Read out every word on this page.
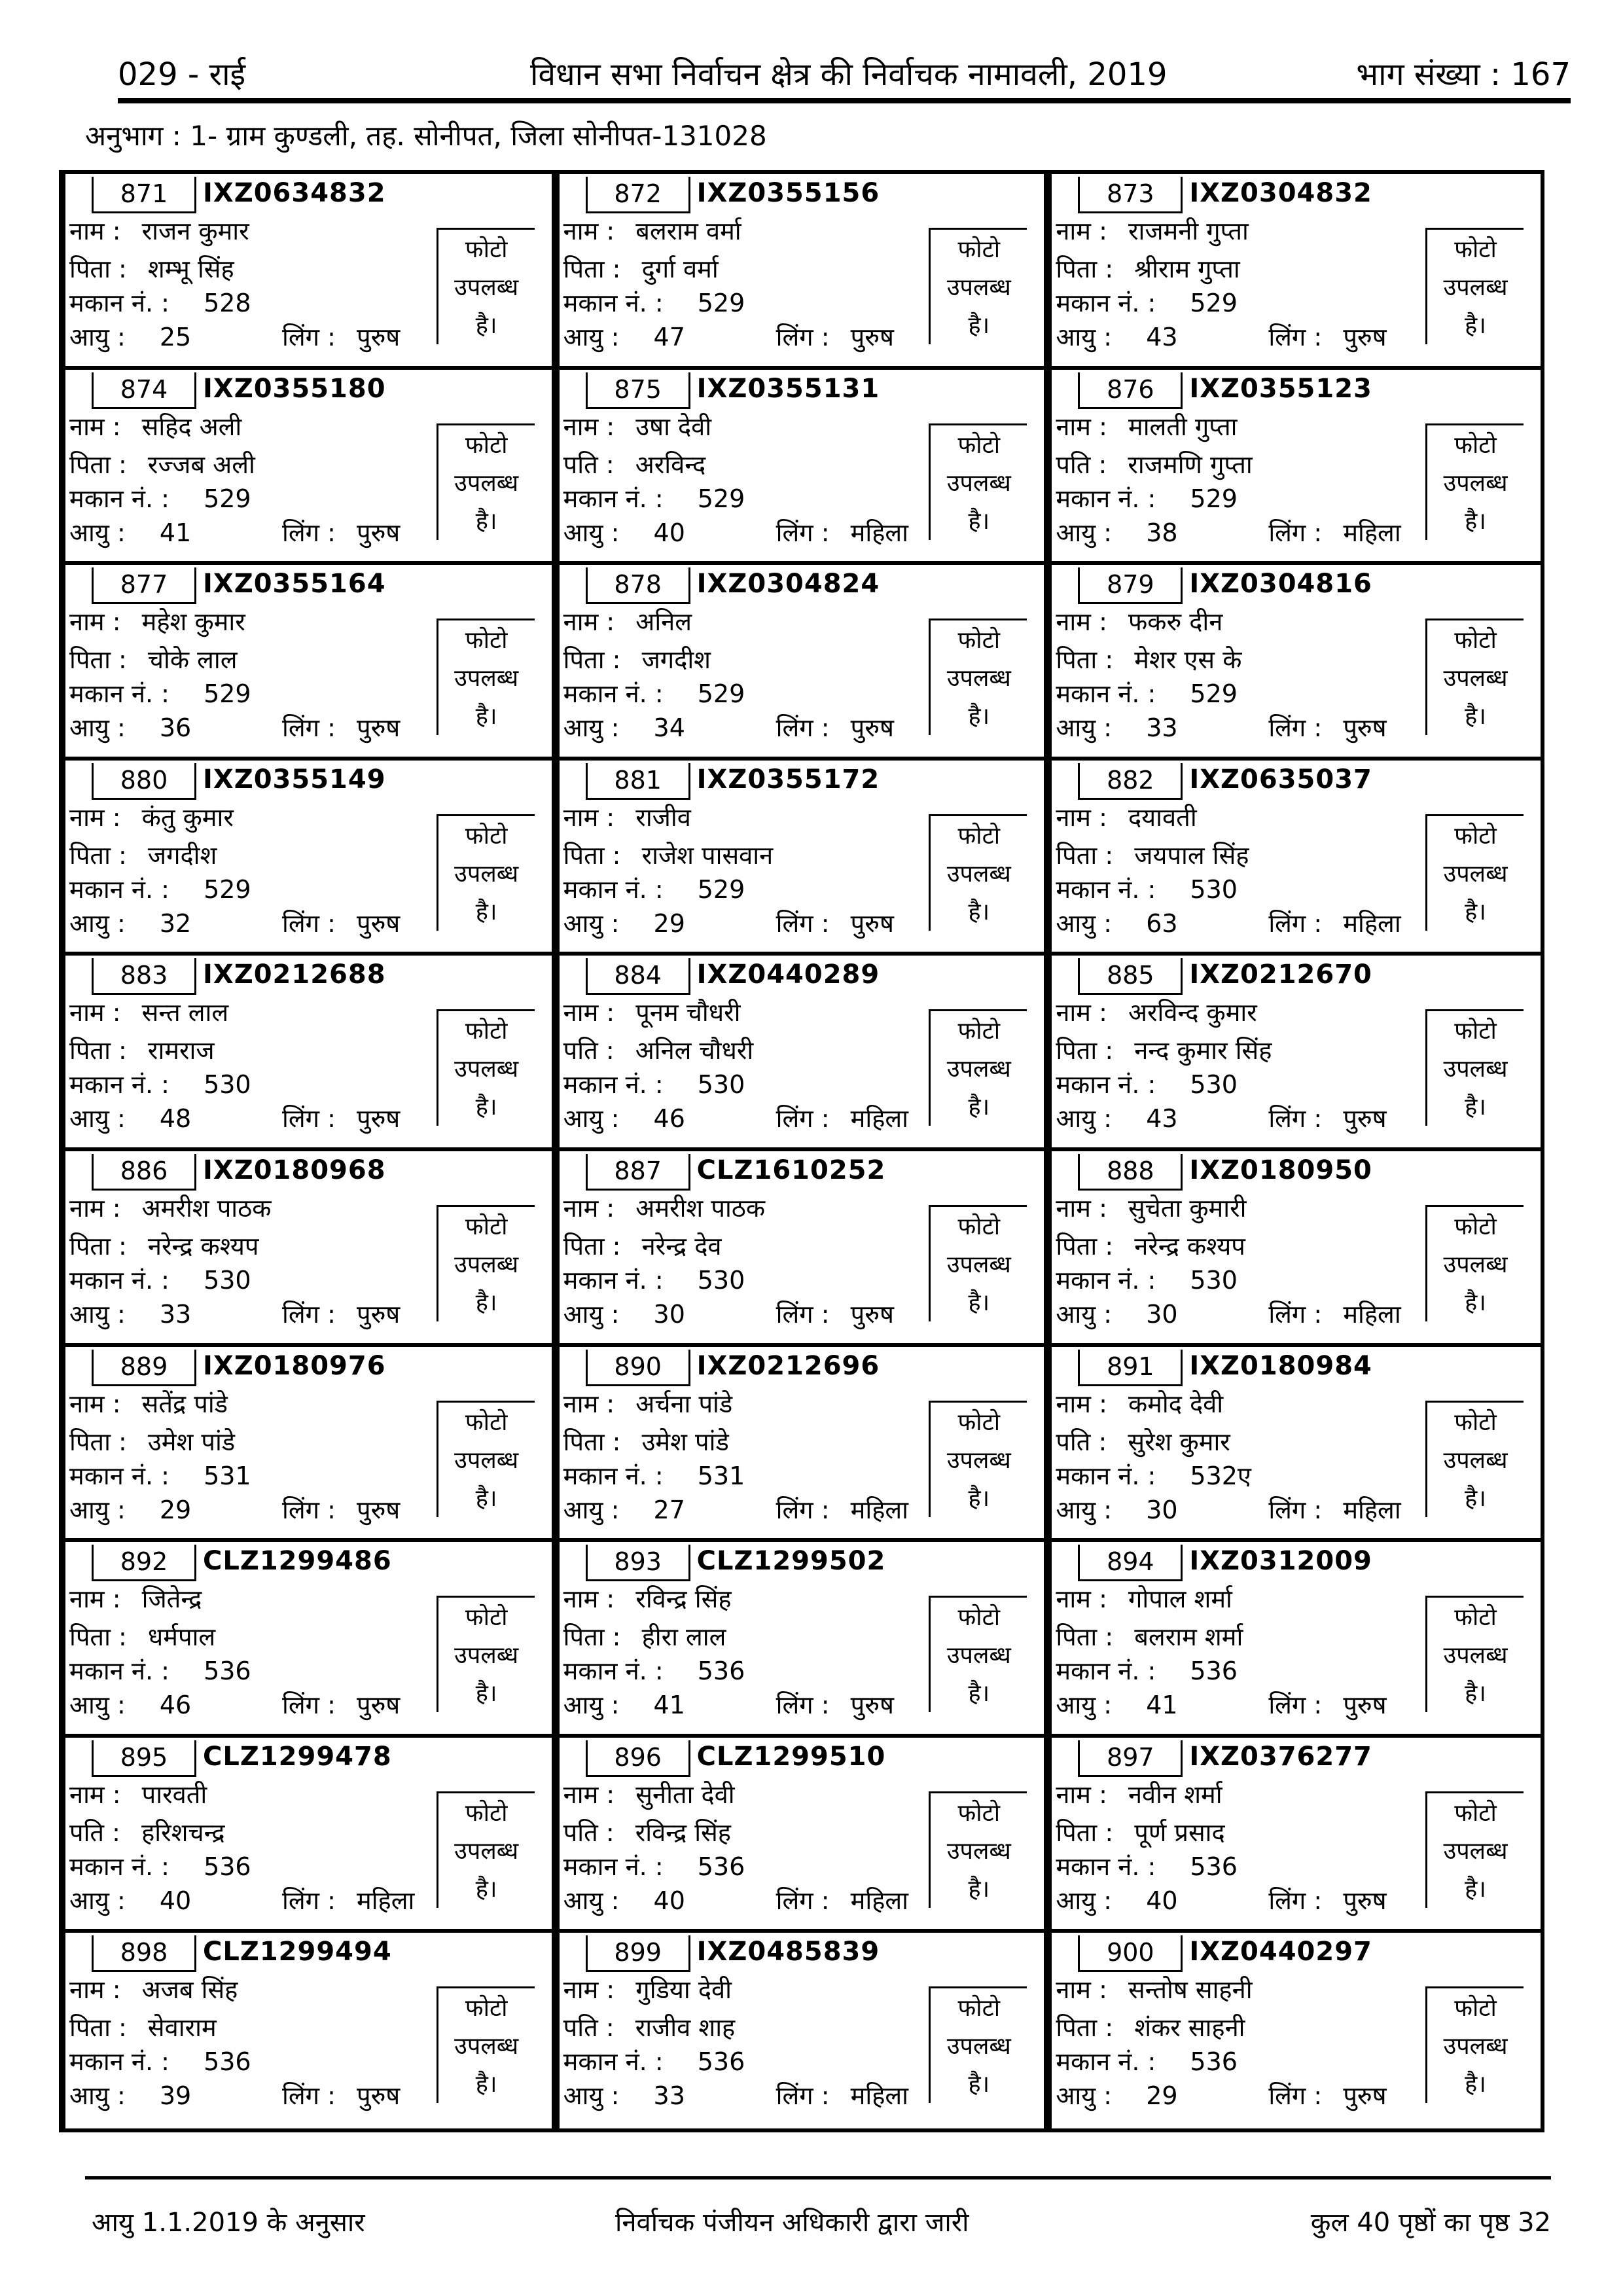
029 - राई	विधान सभा निर्वाचन क्षेत्र की निर्वाचक नामावली, 2019	भाग संख्या : 167
अनुभाग : 1- ग्राम कुण्डली, तह. सोनीपत, जिला सोनीपत-131028
871	IXZ0634832
नाम : राजन कुमार
पिता : शम्भू सिंह
मकान नं. : 528
आयु : 25	लिंग : पुरुष
फोटो
उपलब्ध
है।
872	IXZ0355156
नाम : बलराम वर्मा
पिता : दुर्गा वर्मा
मकान नं. : 529
आयु : 47	लिंग : पुरुष
फोटो
उपलब्ध
है।
873	IXZ0304832
नाम : राजमनी गुप्ता
पिता : श्रीराम गुप्ता
मकान नं. : 529
आयु : 43	लिंग : पुरुष
फोटो
उपलब्ध
है।
874	IXZ0355180
नाम : सहिद अली
पिता : रज्जब अली
मकान नं. : 529
आयु : 41	लिंग : पुरुष
फोटो
उपलब्ध
है।
875	IXZ0355131
नाम : उषा देवी
पति : अरविन्द
मकान नं. : 529
आयु : 40	लिंग : महिला
फोटो
उपलब्ध
है।
876	IXZ0355123
नाम : मालती गुप्ता
पति : राजमणि गुप्ता
मकान नं. : 529
आयु : 38	लिंग : महिला
फोटो
उपलब्ध
है।
877	IXZ0355164
नाम : महेश कुमार
पिता : चोके लाल
मकान नं. : 529
आयु : 36	लिंग : पुरुष
फोटो
उपलब्ध
है।
878	IXZ0304824
नाम : अनिल
पिता : जगदीश
मकान नं. : 529
आयु : 34	लिंग : पुरुष
फोटो
उपलब्ध
है।
879	IXZ0304816
नाम : फकरु दीन
पिता : मेशर एस के
मकान नं. : 529
आयु : 33	लिंग : पुरुष
फोटो
उपलब्ध
है।
880	IXZ0355149
नाम : कंतु कुमार
पिता : जगदीश
मकान नं. : 529
आयु : 32	लिंग : पुरुष
फोटो
उपलब्ध
है।
881	IXZ0355172
नाम : राजीव
पिता : राजेश पासवान
मकान नं. : 529
आयु : 29	लिंग : पुरुष
फोटो
उपलब्ध
है।
882	IXZ0635037
नाम : दयावती
पिता : जयपाल सिंह
मकान नं. : 530
आयु : 63	लिंग : महिला
फोटो
उपलब्ध
है।
883	IXZ0212688
नाम : सन्त लाल
पिता : रामराज
मकान नं. : 530
आयु : 48	लिंग : पुरुष
फोटो
उपलब्ध
है।
884	IXZ0440289
नाम : पूनम चौधरी
पति : अनिल चौधरी
मकान नं. : 530
आयु : 46	लिंग : महिला
फोटो
उपलब्ध
है।
885	IXZ0212670
नाम : अरविन्द कुमार
पिता : नन्द कुमार सिंह
मकान नं. : 530
आयु : 43	लिंग : पुरुष
फोटो
उपलब्ध
है।
886	IXZ0180968
नाम : अमरीश पाठक
पिता : नरेन्द्र कश्यप
मकान नं. : 530
आयु : 33	लिंग : पुरुष
फोटो
उपलब्ध
है।
887	CLZ1610252
नाम : अमरीश पाठक
पिता : नरेन्द्र देव
मकान नं. : 530
आयु : 30	लिंग : पुरुष
फोटो
उपलब्ध
है।
888	IXZ0180950
नाम : सुचेता कुमारी
पिता : नरेन्द्र कश्यप
मकान नं. : 530
आयु : 30	लिंग : महिला
फोटो
उपलब्ध
है।
889	IXZ0180976
नाम : सतेंद्र पांडे
पिता : उमेश पांडे
मकान नं. : 531
आयु : 29	लिंग : पुरुष
फोटो
उपलब्ध
है।
890	IXZ0212696
नाम : अर्चना पांडे
पिता : उमेश पांडे
मकान नं. : 531
आयु : 27	लिंग : महिला
फोटो
उपलब्ध
है।
891	IXZ0180984
नाम : कमोद देवी
पति : सुरेश कुमार
मकान नं. : 532ए
आयु : 30	लिंग : महिला
फोटो
उपलब्ध
है।
892	CLZ1299486
नाम : जितेन्द्र
पिता : धर्मपाल
मकान नं. : 536
आयु : 46	लिंग : पुरुष
फोटो
उपलब्ध
है।
893	CLZ1299502
नाम : रविन्द्र सिंह
पिता : हीरा लाल
मकान नं. : 536
आयु : 41	लिंग : पुरुष
फोटो
उपलब्ध
है।
894	IXZ0312009
नाम : गोपाल शर्मा
पिता : बलराम शर्मा
मकान नं. : 536
आयु : 41	लिंग : पुरुष
फोटो
उपलब्ध
है।
895	CLZ1299478
नाम : पारवती
पति : हरिशचन्द्र
मकान नं. : 536
आयु : 40	लिंग : महिला
फोटो
उपलब्ध
है।
896	CLZ1299510
नाम : सुनीता देवी
पति : रविन्द्र सिंह
मकान नं. : 536
आयु : 40	लिंग : महिला
फोटो
उपलब्ध
है।
897	IXZ0376277
नाम : नवीन शर्मा
पिता : पूर्ण प्रसाद
मकान नं. : 536
आयु : 40	लिंग : पुरुष
फोटो
उपलब्ध
है।
898	CLZ1299494
नाम : अजब सिंह
पिता : सेवाराम
मकान नं. : 536
आयु : 39	लिंग : पुरुष
फोटो
उपलब्ध
है।
899	IXZ0485839
नाम : गुडिया देवी
पति : राजीव शाह
मकान नं. : 536
आयु : 33	लिंग : महिला
फोटो
उपलब्ध
है।
900	IXZ0440297
नाम : सन्तोष साहनी
पिता : शंकर साहनी
मकान नं. : 536
आयु : 29	लिंग : पुरुष
फोटो
उपलब्ध
है।
आयु 1.1.2019 के अनुसार	निर्वाचक पंजीयन अधिकारी द्वारा जारी	कुल 40 पृष्ठों का पृष्ठ 32
